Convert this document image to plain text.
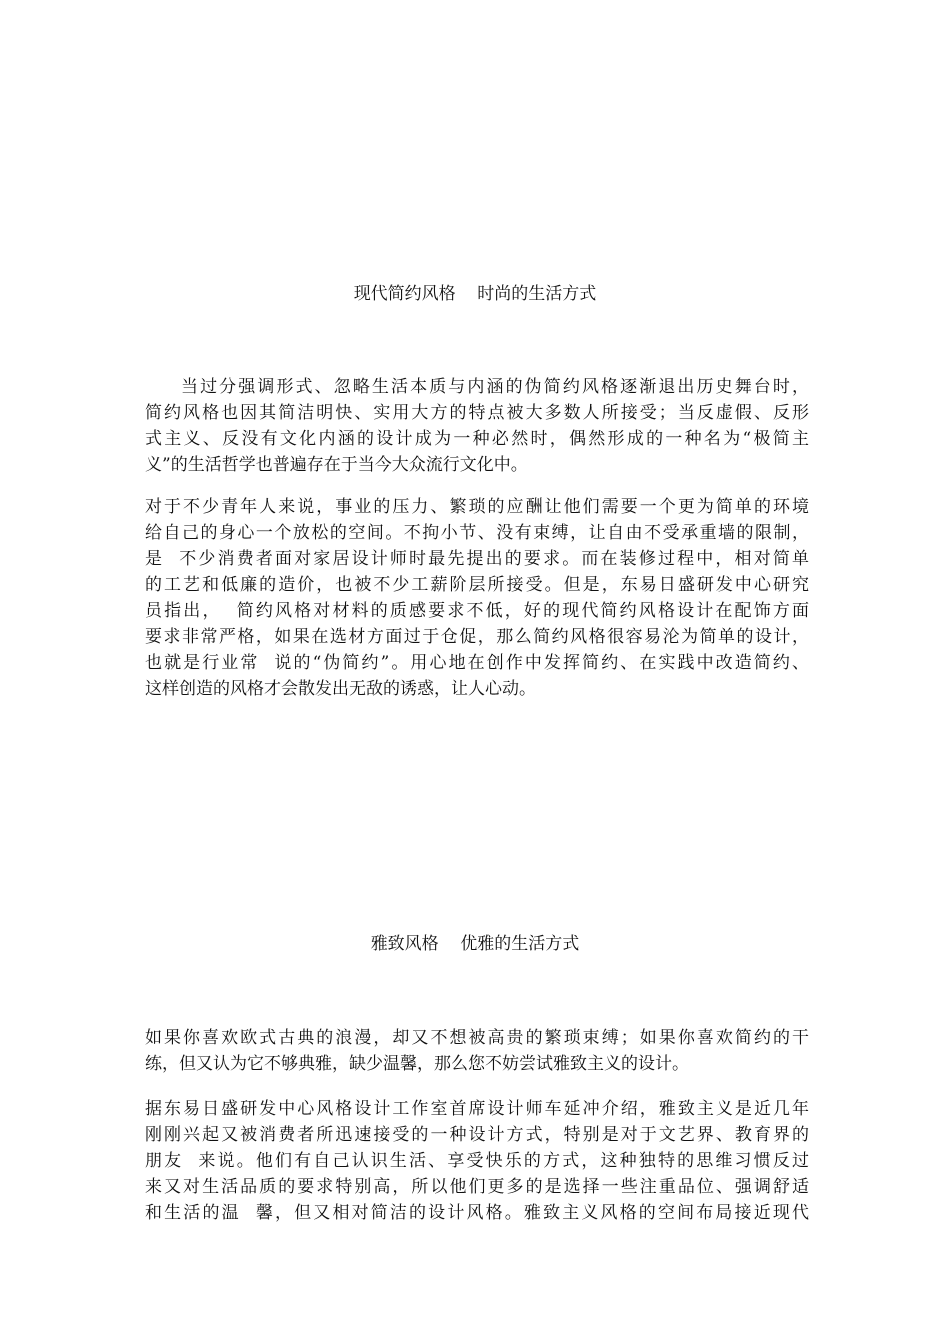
现代简约风格    时尚的生活方式
当过分强调形式、忽略生活本质与内涵的伪简约风格逐渐退出历史舞台时，
简约风格也因其简洁明快、实用大方的特点被大多数人所接受；当反虚假、反形
式主义、反没有文化内涵的设计成为一种必然时，偶然形成的一种名为“极简主
义”的生活哲学也普遍存在于当今大众流行文化中。
对于不少青年人来说，事业的压力、繁琐的应酬让他们需要一个更为简单的环境
给自己的身心一个放松的空间。不拘小节、没有束缚，让自由不受承重墙的限制，
是  不少消费者面对家居设计师时最先提出的要求。而在装修过程中，相对简单
的工艺和低廉的造价，也被不少工薪阶层所接受。但是，东易日盛研发中心研究
员指出，  简约风格对材料的质感要求不低，好的现代简约风格设计在配饰方面
要求非常严格，如果在选材方面过于仓促，那么简约风格很容易沦为简单的设计，
也就是行业常  说的“伪简约”。用心地在创作中发挥简约、在实践中改造简约、
这样创造的风格才会散发出无敌的诱惑，让人心动。
雅致风格    优雅的生活方式
如果你喜欢欧式古典的浪漫，却又不想被高贵的繁琐束缚；如果你喜欢简约的干
练，但又认为它不够典雅，缺少温馨，那么您不妨尝试雅致主义的设计。
据东易日盛研发中心风格设计工作室首席设计师车延冲介绍，雅致主义是近几年
刚刚兴起又被消费者所迅速接受的一种设计方式，特别是对于文艺界、教育界的
朋友  来说。他们有自己认识生活、享受快乐的方式，这种独特的思维习惯反过
来又对生活品质的要求特别高，所以他们更多的是选择一些注重品位、强调舒适
和生活的温  馨，但又相对简洁的设计风格。雅致主义风格的空间布局接近现代
